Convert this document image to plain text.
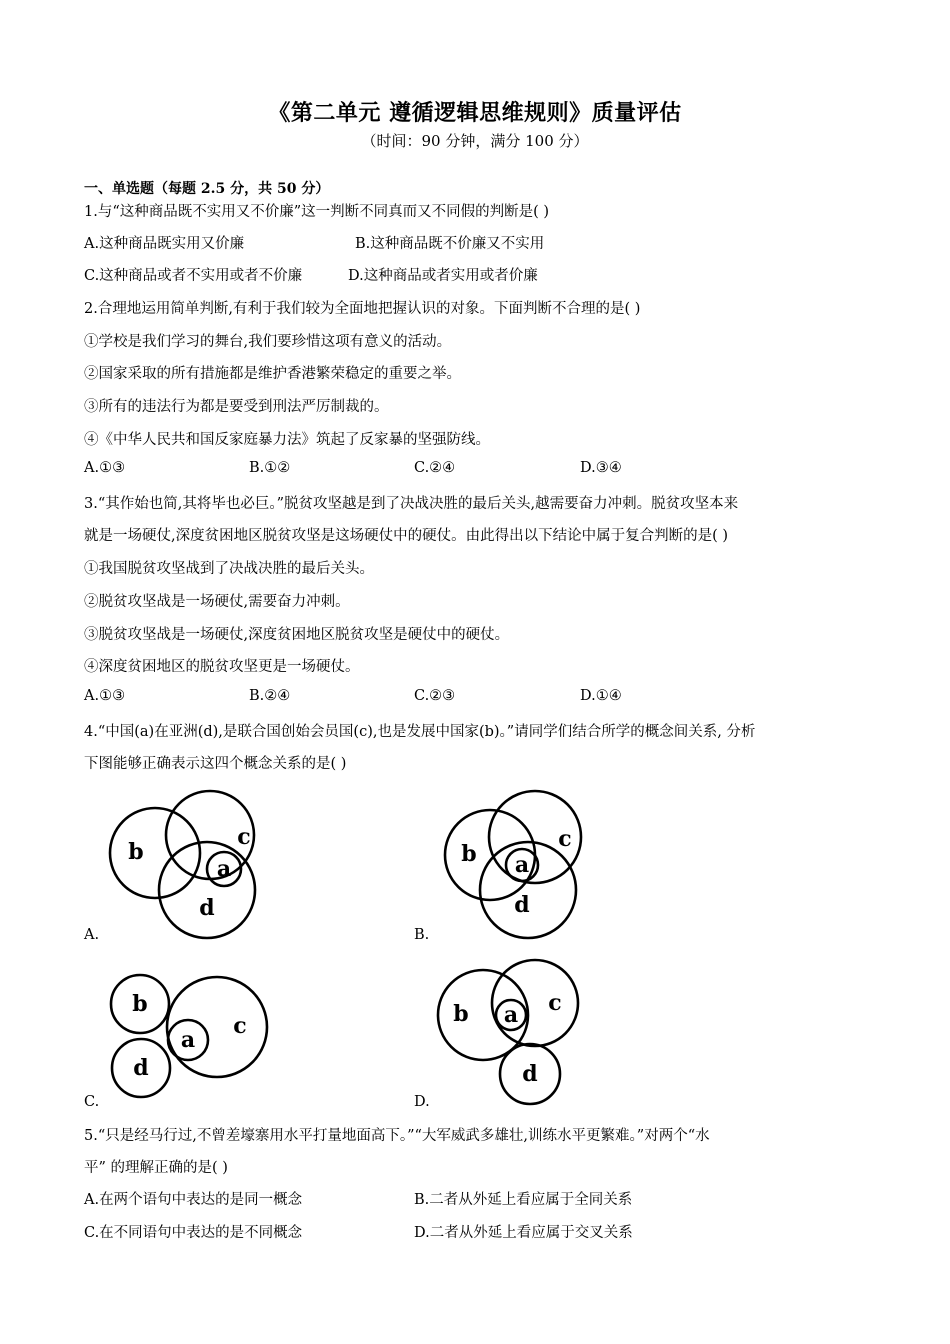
《第二单元 遵循逻辑思维规则》质量评估
（时间：90 分钟，满分 100 分）
一、单选题（每题 2.5 分，共 50 分）
1.与“这种商品既不实用又不价廉”这一判断不同真而又不同假的判断是( )
A.这种商品既实用又价廉	B.这种商品既不价廉又不实用
C.这种商品或者不实用或者不价廉	D.这种商品或者实用或者价廉
2.合理地运用简单判断,有利于我们较为全面地把握认识的对象。下面判断不合理的是( )
①学校是我们学习的舞台,我们要珍惜这项有意义的活动。
②国家采取的所有措施都是维护香港繁荣稳定的重要之举。
③所有的违法行为都是要受到刑法严厉制裁的。
④《中华人民共和国反家庭暴力法》筑起了反家暴的坚强防线。
A.①③	B.①②	C.②④	D.③④
3.“其作始也简,其将毕也必巨。”脱贫攻坚越是到了决战决胜的最后关头,越需要奋力冲刺。脱贫攻坚本来
就是一场硬仗,深度贫困地区脱贫攻坚是这场硬仗中的硬仗。由此得出以下结论中属于复合判断的是( )
①我国脱贫攻坚战到了决战决胜的最后关头。
②脱贫攻坚战是一场硬仗,需要奋力冲刺。
③脱贫攻坚战是一场硬仗,深度贫困地区脱贫攻坚是硬仗中的硬仗。
④深度贫困地区的脱贫攻坚更是一场硬仗。
A.①③	B.②④	C.②③	D.①④
4.“中国(a)在亚洲(d),是联合国创始会员国(c),也是发展中国家(b)。”请同学们结合所学的概念间关系, 分析
下图能够正确表示这四个概念关系的是( )
b
c
a
d
A.
b
c
a
d
B.
b
d
c
a
C.
b	c
a
d
D.
5.“只是经马行过,不曾差壕寨用水平打量地面高下。”“大军威武多雄壮,训练水平更繁难。”对两个“水
平” 的理解正确的是( )
A.在两个语句中表达的是同一概念	B.二者从外延上看应属于全同关系
C.在不同语句中表达的是不同概念	D.二者从外延上看应属于交叉关系
